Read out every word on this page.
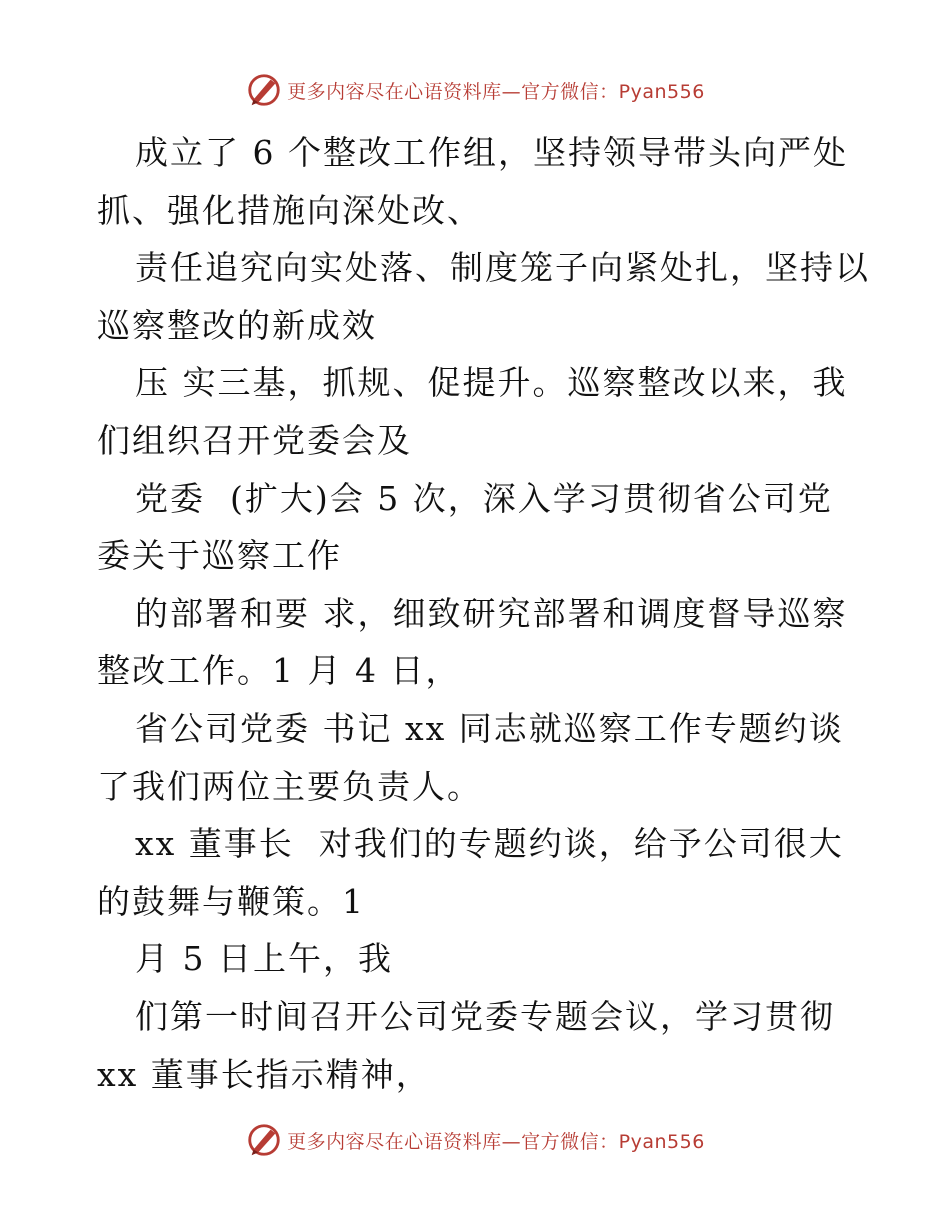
更多内容尽在心语资料库—官方微信：Pyan556
成立了 6 个整改工作组，坚持领导带头向严处
抓、强化措施向深处改、
责任追究向实处落、制度笼子向紧处扎，坚持以
巡察整改的新成效
压 实三基，抓规、促提升。巡察整改以来，我
们组织召开党委会及
党委  (扩大)会 5 次，深入学习贯彻省公司党
委关于巡察工作
的部署和要 求，细致研究部署和调度督导巡察
整改工作。1 月 4 日，
省公司党委 书记 xx 同志就巡察工作专题约谈
了我们两位主要负责人。
xx 董事长  对我们的专题约谈，给予公司很大
的鼓舞与鞭策。1
月 5 日上午，我
们第一时间召开公司党委专题会议，学习贯彻
xx 董事长指示精神，
更多内容尽在心语资料库—官方微信：Pyan556
